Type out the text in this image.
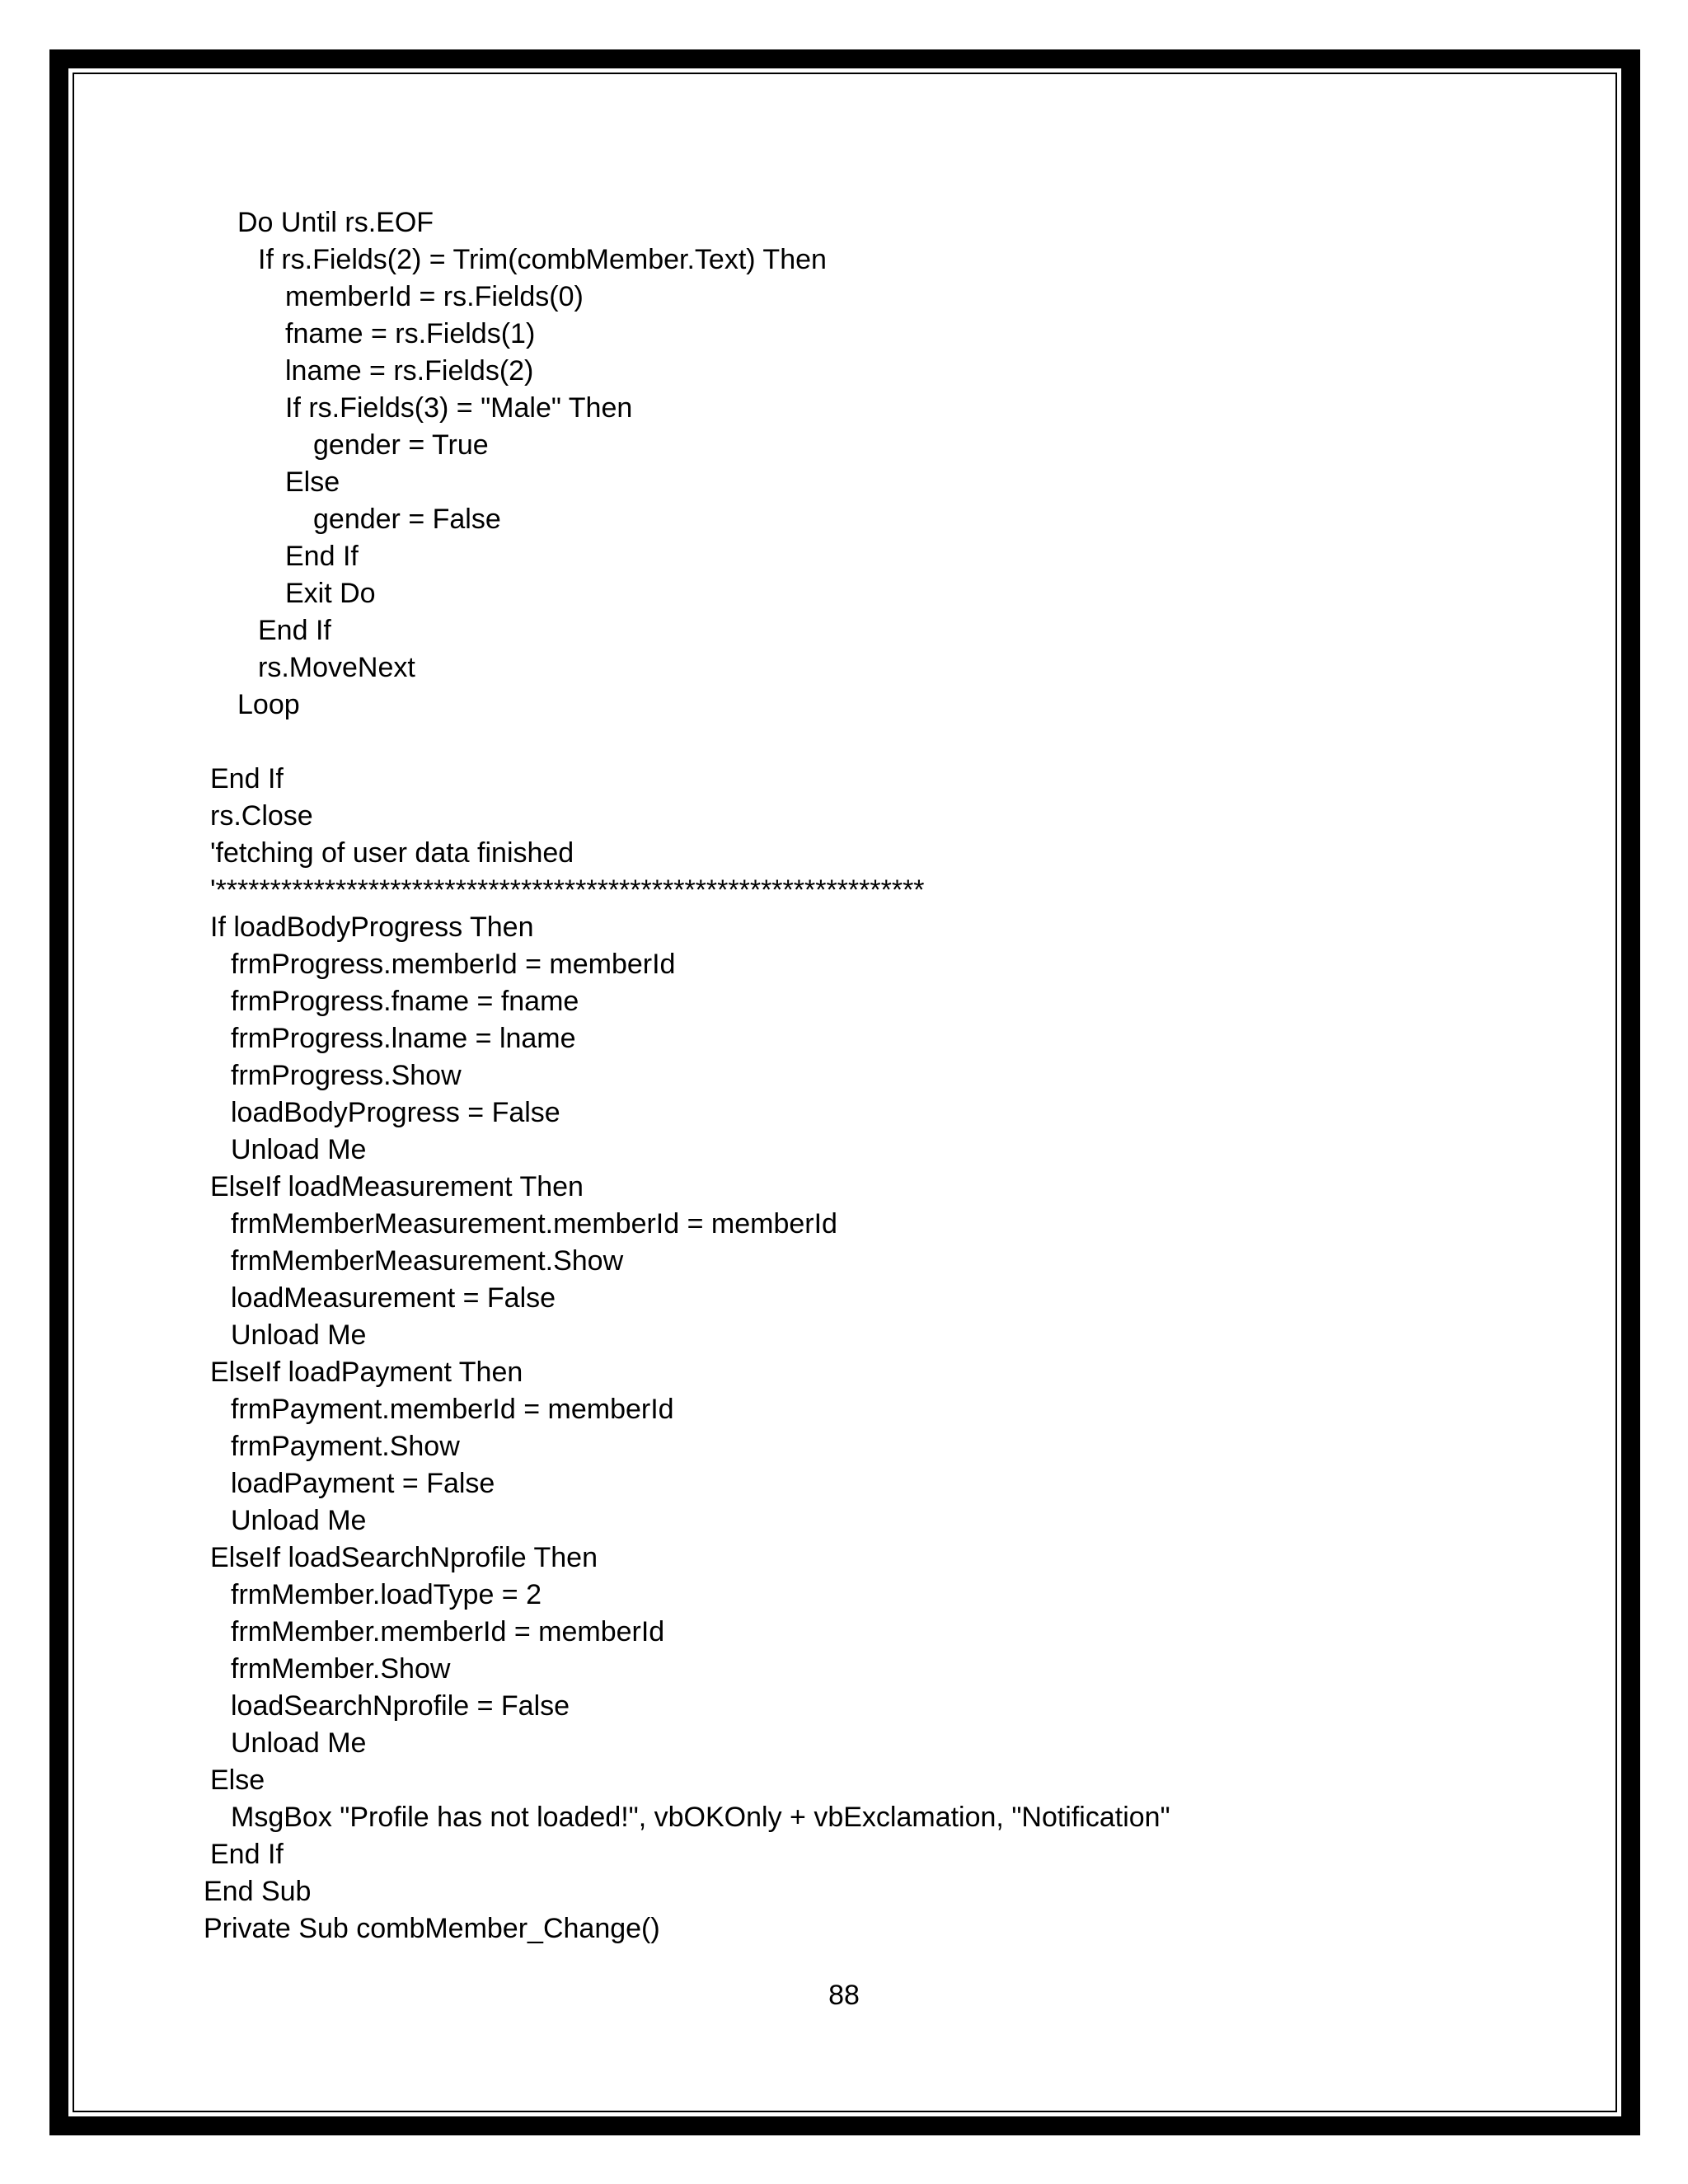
Do Until rs.EOF
If rs.Fields(2) = Trim(combMember.Text) Then
memberId = rs.Fields(0)
fname = rs.Fields(1)
lname = rs.Fields(2)
If rs.Fields(3) = "Male" Then
gender = True
Else
gender = False
End If
Exit Do
End If
rs.MoveNext
Loop
End If
rs.Close
'fetching of user data finished
'*****************************************************************
If loadBodyProgress Then
frmProgress.memberId = memberId
frmProgress.fname = fname
frmProgress.lname = lname
frmProgress.Show
loadBodyProgress = False
Unload Me
ElseIf loadMeasurement Then
frmMemberMeasurement.memberId = memberId
frmMemberMeasurement.Show
loadMeasurement = False
Unload Me
ElseIf loadPayment Then
frmPayment.memberId = memberId
frmPayment.Show
loadPayment = False
Unload Me
ElseIf loadSearchNprofile Then
frmMember.loadType = 2
frmMember.memberId = memberId
frmMember.Show
loadSearchNprofile = False
Unload Me
Else
MsgBox "Profile has not loaded!", vbOKOnly + vbExclamation, "Notification"
End If
End Sub
Private Sub combMember_Change()
88
